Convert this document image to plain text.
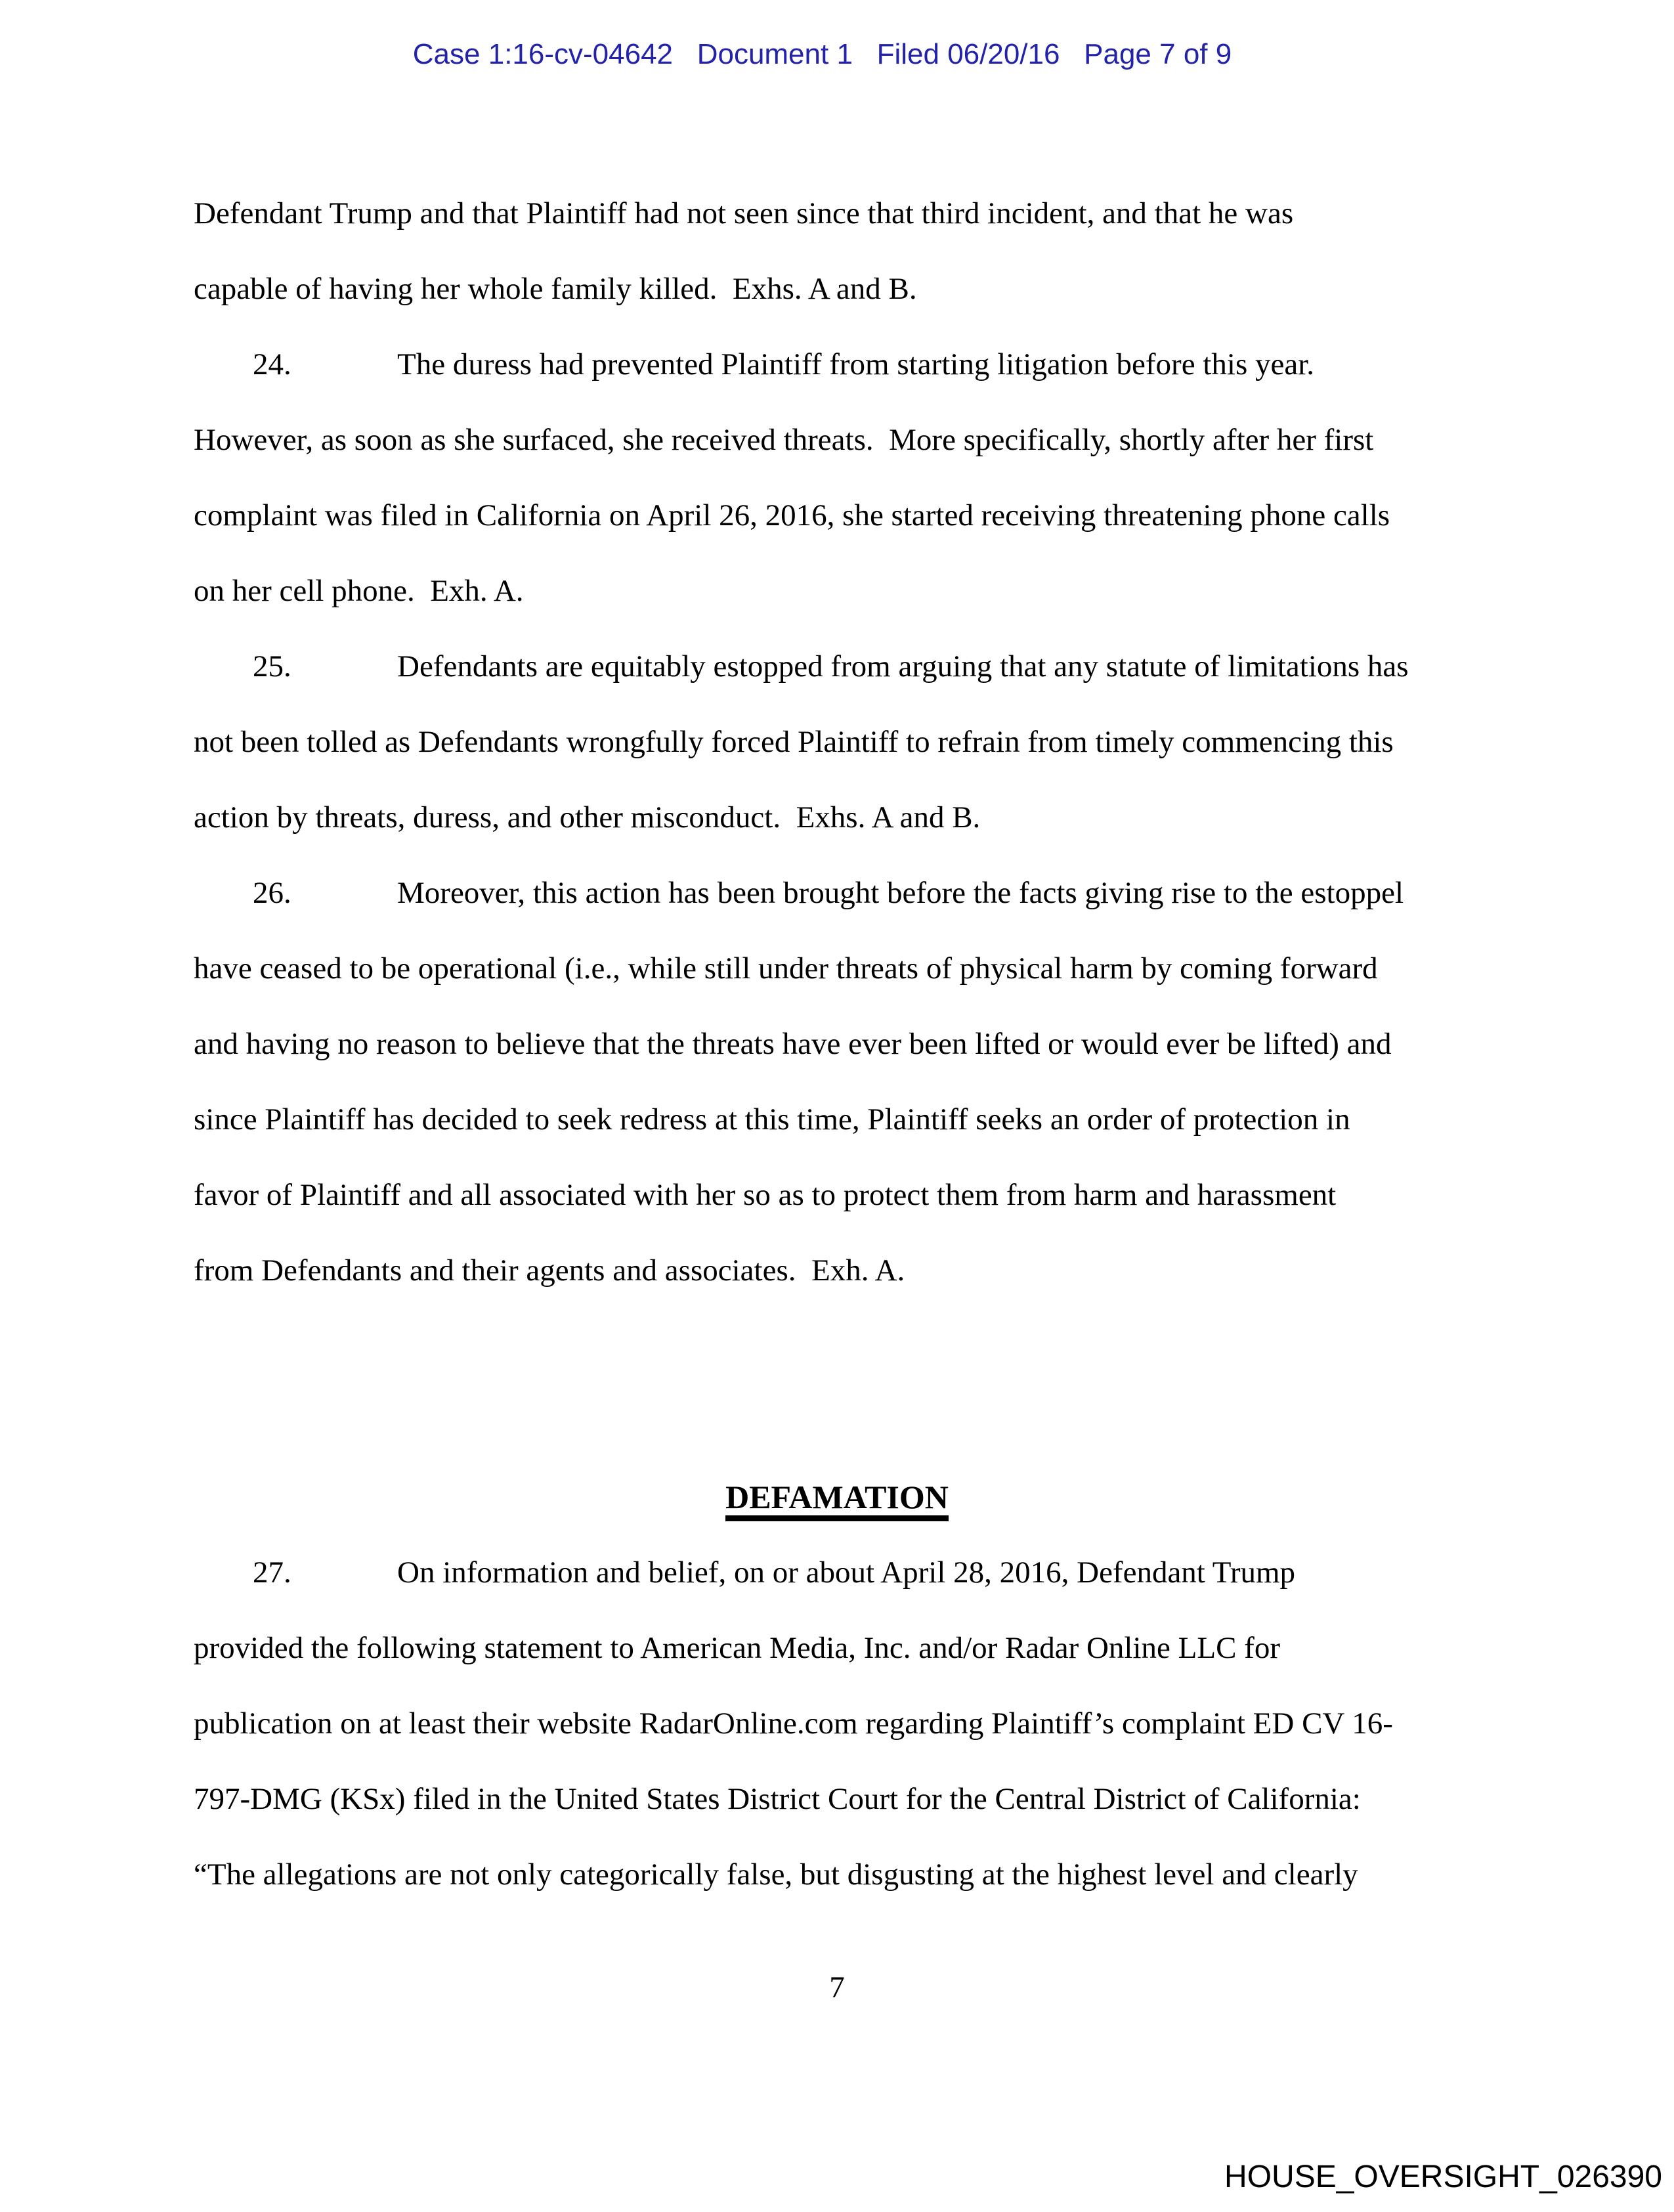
Case 1:16-cv-04642   Document 1   Filed 06/20/16   Page 7 of 9
Defendant Trump and that Plaintiff had not seen since that third incident, and that he was
capable of having her whole family killed.  Exhs. A and B.
24.	The duress had prevented Plaintiff from starting litigation before this year.
However, as soon as she surfaced, she received threats.  More specifically, shortly after her first
complaint was filed in California on April 26, 2016, she started receiving threatening phone calls
on her cell phone.  Exh. A.
25.	Defendants are equitably estopped from arguing that any statute of limitations has
not been tolled as Defendants wrongfully forced Plaintiff to refrain from timely commencing this
action by threats, duress, and other misconduct.  Exhs. A and B.
26.	Moreover, this action has been brought before the facts giving rise to the estoppel
have ceased to be operational (i.e., while still under threats of physical harm by coming forward
and having no reason to believe that the threats have ever been lifted or would ever be lifted) and
since Plaintiff has decided to seek redress at this time, Plaintiff seeks an order of protection in
favor of Plaintiff and all associated with her so as to protect them from harm and harassment
from Defendants and their agents and associates.  Exh. A.
DEFAMATION
27.	On information and belief, on or about April 28, 2016, Defendant Trump
provided the following statement to American Media, Inc. and/or Radar Online LLC for
publication on at least their website RadarOnline.com regarding Plaintiff’s complaint ED CV 16-
797-DMG (KSx) filed in the United States District Court for the Central District of California:
“The allegations are not only categorically false, but disgusting at the highest level and clearly
7
HOUSE_OVERSIGHT_026390
